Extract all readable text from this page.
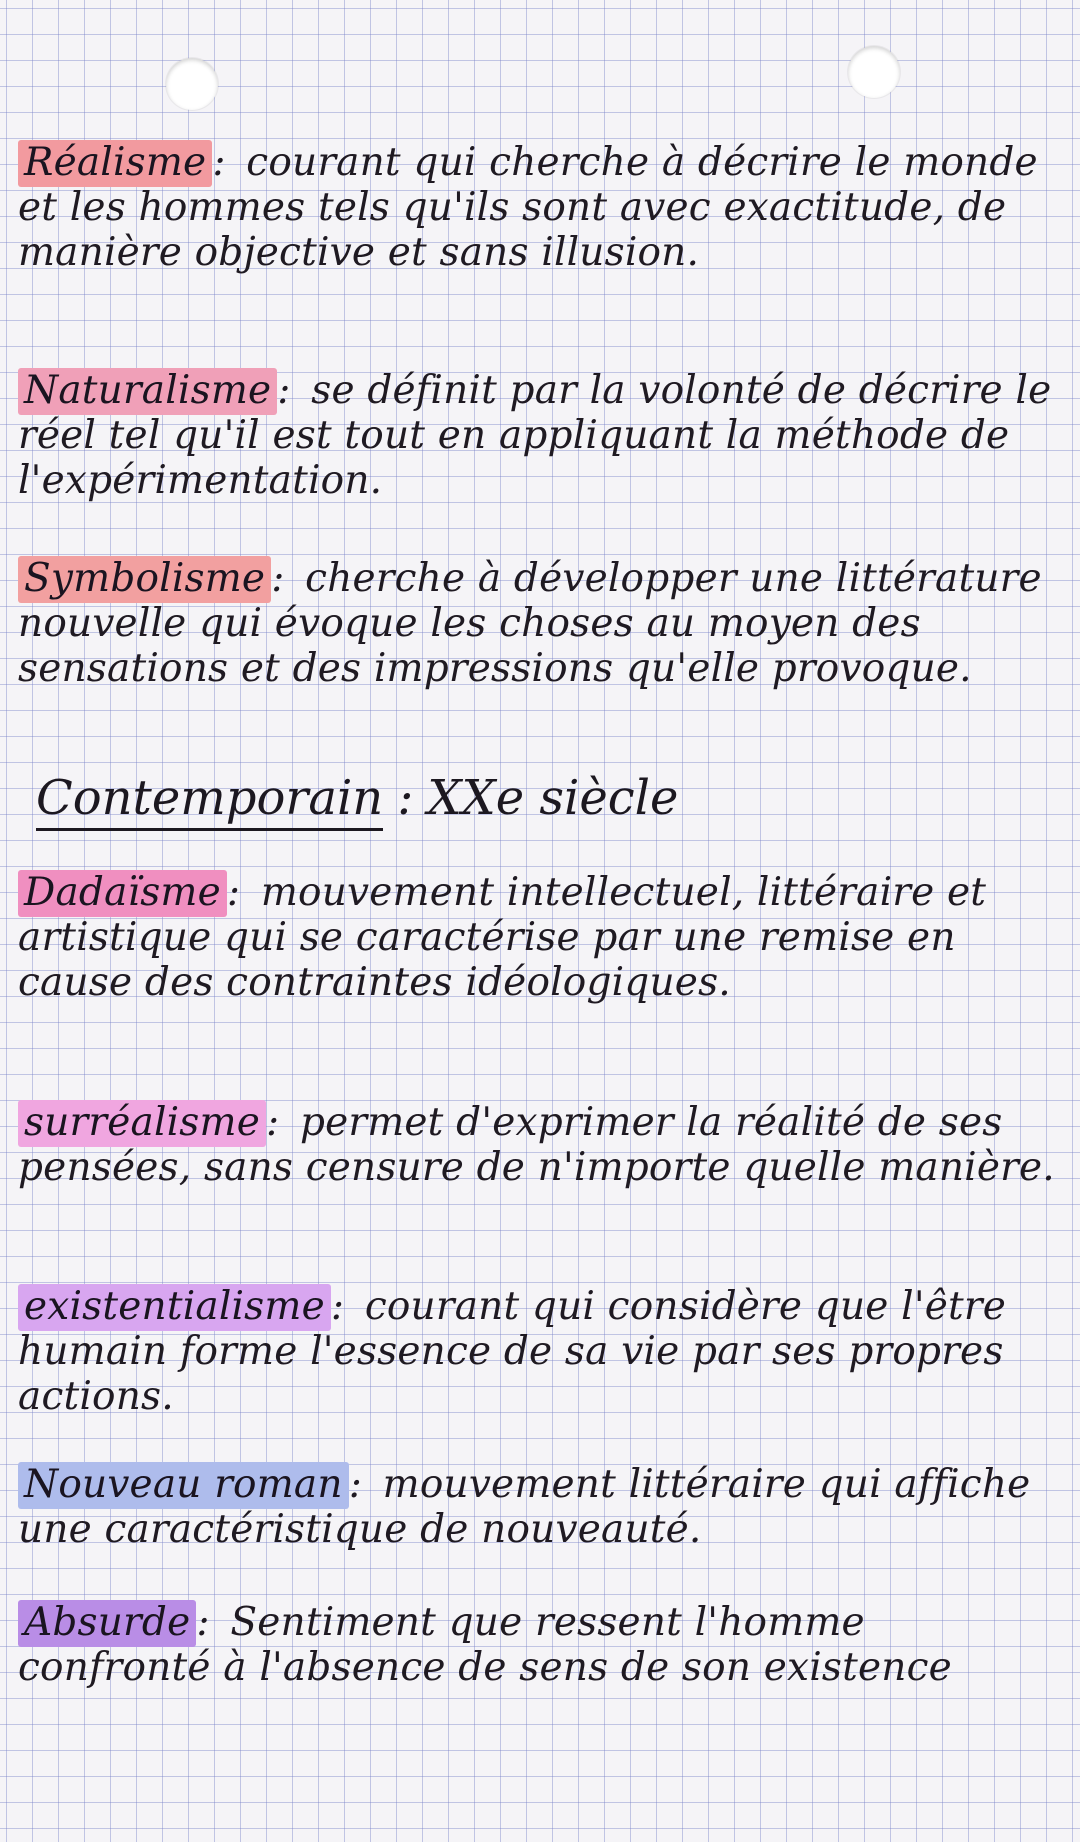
Réalisme : courant qui cherche à décrire le monde et les hommes tels qu'ils sont avec exactitude, de manière objective et sans illusion.
Naturalisme : se définit par la volonté de décrire le réel tel qu'il est tout en appliquant la méthode de l'expérimentation.
Symbolisme : cherche à développer une littérature nouvelle qui évoque les choses au moyen des sensations et des impressions qu'elle provoque.
Contemporain : XXe siècle
Dadaïsme : mouvement intellectuel, littéraire et artistique qui se caractérise par une remise en cause des contraintes idéologiques.
surréalisme : permet d'exprimer la réalité de ses pensées, sans censure de n'importe quelle manière.
existentialisme : courant qui considère que l'être humain forme l'essence de sa vie par ses propres actions.
Nouveau roman : mouvement littéraire qui affiche une caractéristique de nouveauté.
Absurde : Sentiment que ressent l'homme confronté à l'absence de sens de son existence
